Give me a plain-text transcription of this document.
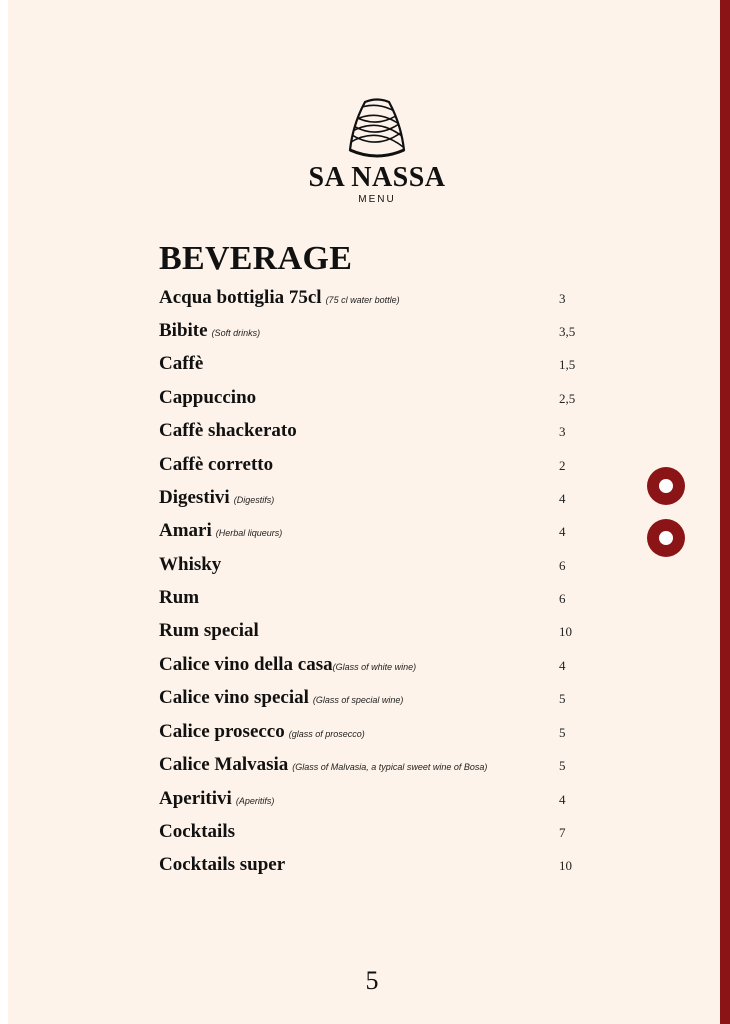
SA NASSA
MENU
BEVERAGE
Acqua bottiglia 75cl (75 cl water bottle)	3
Bibite (Soft drinks)	3,5
Caffè	1,5
Cappuccino	2,5
Caffè shackerato	3
Caffè corretto	2
Digestivi (Digestifs)	4
Amari (Herbal liqueurs)	4
Whisky	6
Rum	6
Rum special	10
Calice vino della casa(Glass of white wine)	4
Calice vino special (Glass of special wine)	5
Calice prosecco (glass of prosecco)	5
Calice Malvasia (Glass of Malvasia, a typical sweet wine of Bosa)	5
Aperitivi (Aperitifs)	4
Cocktails	7
Cocktails super	10
5
